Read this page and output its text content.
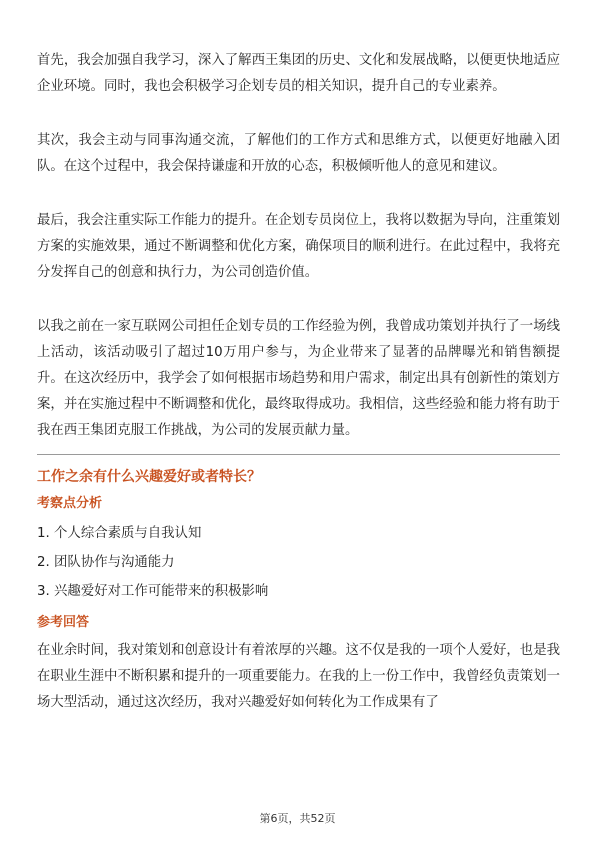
首先，我会加强自我学习，深入了解西王集团的历史、文化和发展战略，以便更快地适应企业环境。同时，我也会积极学习企划专员的相关知识，提升自己的专业素养。

其次，我会主动与同事沟通交流，了解他们的工作方式和思维方式，以便更好地融入团队。在这个过程中，我会保持谦虚和开放的心态，积极倾听他人的意见和建议。

最后，我会注重实际工作能力的提升。在企划专员岗位上，我将以数据为导向，注重策划方案的实施效果，通过不断调整和优化方案，确保项目的顺利进行。在此过程中，我将充分发挥自己的创意和执行力，为公司创造价值。

以我之前在一家互联网公司担任企划专员的工作经验为例，我曾成功策划并执行了一场线上活动，该活动吸引了超过10万用户参与，为企业带来了显著的品牌曝光和销售额提升。在这次经历中，我学会了如何根据市场趋势和用户需求，制定出具有创新性的策划方案，并在实施过程中不断调整和优化，最终取得成功。我相信，这些经验和能力将有助于我在西王集团克服工作挑战，为公司的发展贡献力量。

工作之余有什么兴趣爱好或者特长？
考察点分析
1. 个人综合素质与自我认知
2. 团队协作与沟通能力
3. 兴趣爱好对工作可能带来的积极影响
参考回答

在业余时间，我对策划和创意设计有着浓厚的兴趣。这不仅是我的一项个人爱好，也是我在职业生涯中不断积累和提升的一项重要能力。在我的上一份工作中，我曾经负责策划一场大型活动，通过这次经历，我对兴趣爱好如何转化为工作成果有了

第6页，共52页
